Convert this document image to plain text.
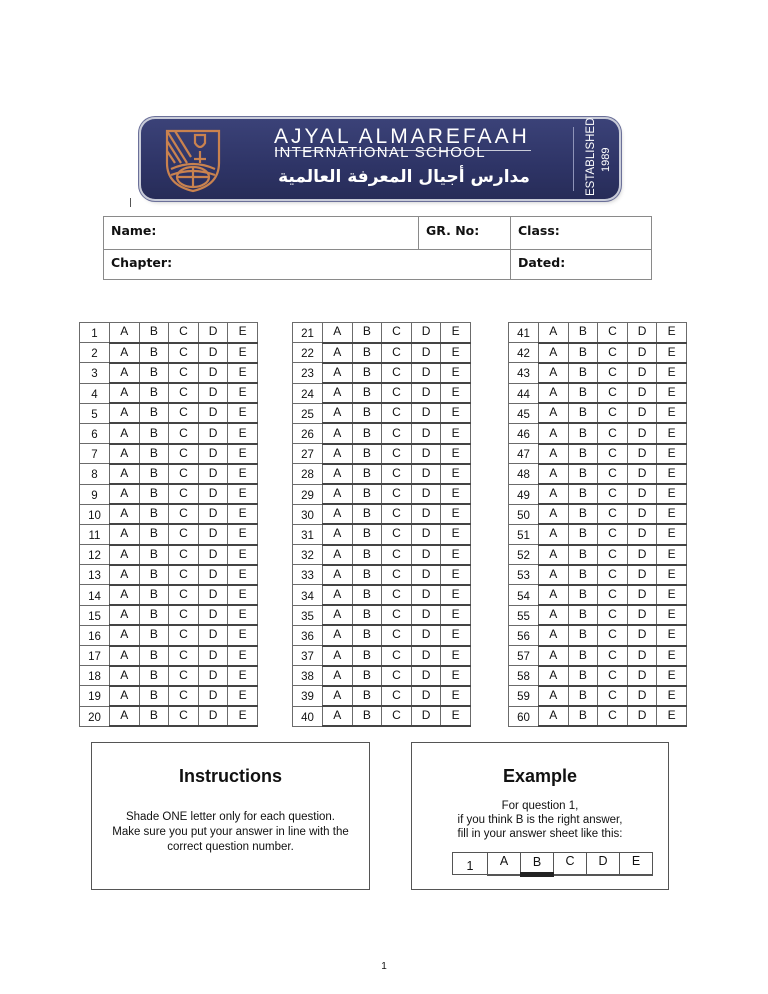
AJYAL ALMAREFAAH
INTERNATIONAL SCHOOL
مدارس أجيال المعرفة العالمية	ESTABLISHED 1989
Name:	GR. No:	Class:
Chapter:	Dated:
1	A	B	C	D	E
2	A	B	C	D	E
3	A	B	C	D	E
4	A	B	C	D	E
5	A	B	C	D	E
6	A	B	C	D	E
7	A	B	C	D	E
8	A	B	C	D	E
9	A	B	C	D	E
10	A	B	C	D	E
11	A	B	C	D	E
12	A	B	C	D	E
13	A	B	C	D	E
14	A	B	C	D	E
15	A	B	C	D	E
16	A	B	C	D	E
17	A	B	C	D	E
18	A	B	C	D	E
19	A	B	C	D	E
20	A	B	C	D	E
21	A	B	C	D	E
22	A	B	C	D	E
23	A	B	C	D	E
24	A	B	C	D	E
25	A	B	C	D	E
26	A	B	C	D	E
27	A	B	C	D	E
28	A	B	C	D	E
29	A	B	C	D	E
30	A	B	C	D	E
31	A	B	C	D	E
32	A	B	C	D	E
33	A	B	C	D	E
34	A	B	C	D	E
35	A	B	C	D	E
36	A	B	C	D	E
37	A	B	C	D	E
38	A	B	C	D	E
39	A	B	C	D	E
40	A	B	C	D	E
41	A	B	C	D	E
42	A	B	C	D	E
43	A	B	C	D	E
44	A	B	C	D	E
45	A	B	C	D	E
46	A	B	C	D	E
47	A	B	C	D	E
48	A	B	C	D	E
49	A	B	C	D	E
50	A	B	C	D	E
51	A	B	C	D	E
52	A	B	C	D	E
53	A	B	C	D	E
54	A	B	C	D	E
55	A	B	C	D	E
56	A	B	C	D	E
57	A	B	C	D	E
58	A	B	C	D	E
59	A	B	C	D	E
60	A	B	C	D	E
Instructions
Shade ONE letter only for each question.
Make sure you put your answer in line with the
correct question number.
Example
For question 1,
if you think B is the right answer,
fill in your answer sheet like this:
1	A	B	C	D	E
1
